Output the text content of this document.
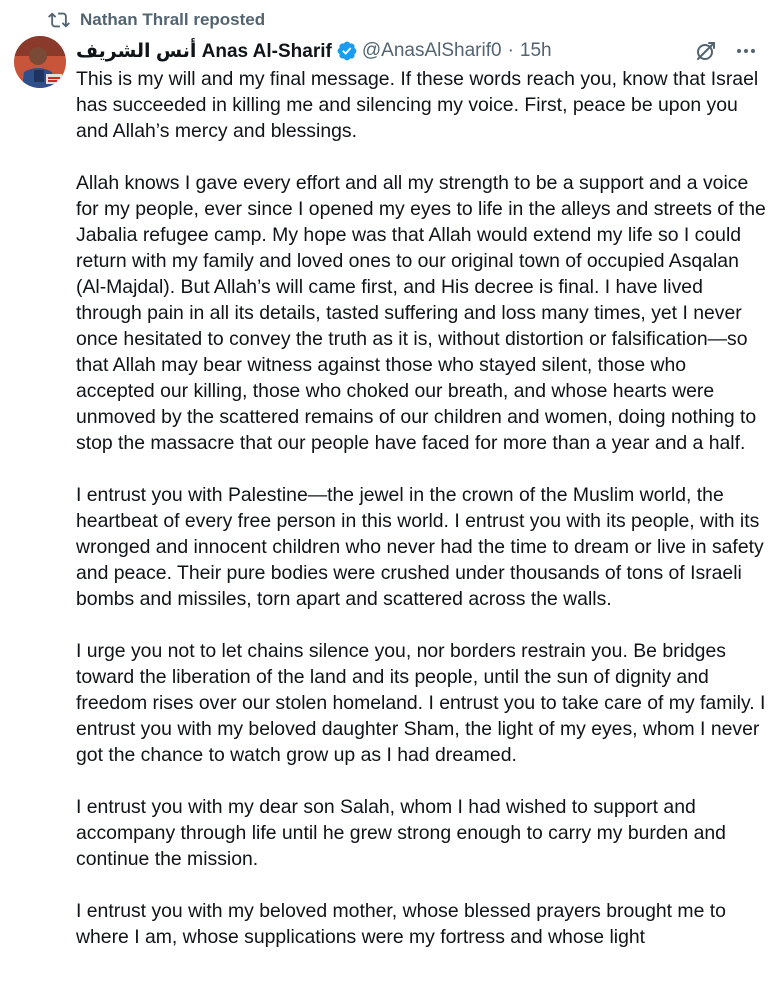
Nathan Thrall reposted
أنس الشريف Anas Al-Sharif @AnasAlSharif0 · 15h

This is my will and my final message. If these words reach you, know that Israel has succeeded in killing me and silencing my voice. First, peace be upon you and Allah’s mercy and blessings.

Allah knows I gave every effort and all my strength to be a support and a voice for my people, ever since I opened my eyes to life in the alleys and streets of the Jabalia refugee camp. My hope was that Allah would extend my life so I could return with my family and loved ones to our original town of occupied Asqalan (Al-Majdal). But Allah’s will came first, and His decree is final. I have lived through pain in all its details, tasted suffering and loss many times, yet I never once hesitated to convey the truth as it is, without distortion or falsification—so that Allah may bear witness against those who stayed silent, those who accepted our killing, those who choked our breath, and whose hearts were unmoved by the scattered remains of our children and women, doing nothing to stop the massacre that our people have faced for more than a year and a half.

I entrust you with Palestine—the jewel in the crown of the Muslim world, the heartbeat of every free person in this world. I entrust you with its people, with its wronged and innocent children who never had the time to dream or live in safety and peace. Their pure bodies were crushed under thousands of tons of Israeli bombs and missiles, torn apart and scattered across the walls.

I urge you not to let chains silence you, nor borders restrain you. Be bridges toward the liberation of the land and its people, until the sun of dignity and freedom rises over our stolen homeland. I entrust you to take care of my family. I entrust you with my beloved daughter Sham, the light of my eyes, whom I never got the chance to watch grow up as I had dreamed.

I entrust you with my dear son Salah, whom I had wished to support and accompany through life until he grew strong enough to carry my burden and continue the mission.

I entrust you with my beloved mother, whose blessed prayers brought me to where I am, whose supplications were my fortress and whose light
